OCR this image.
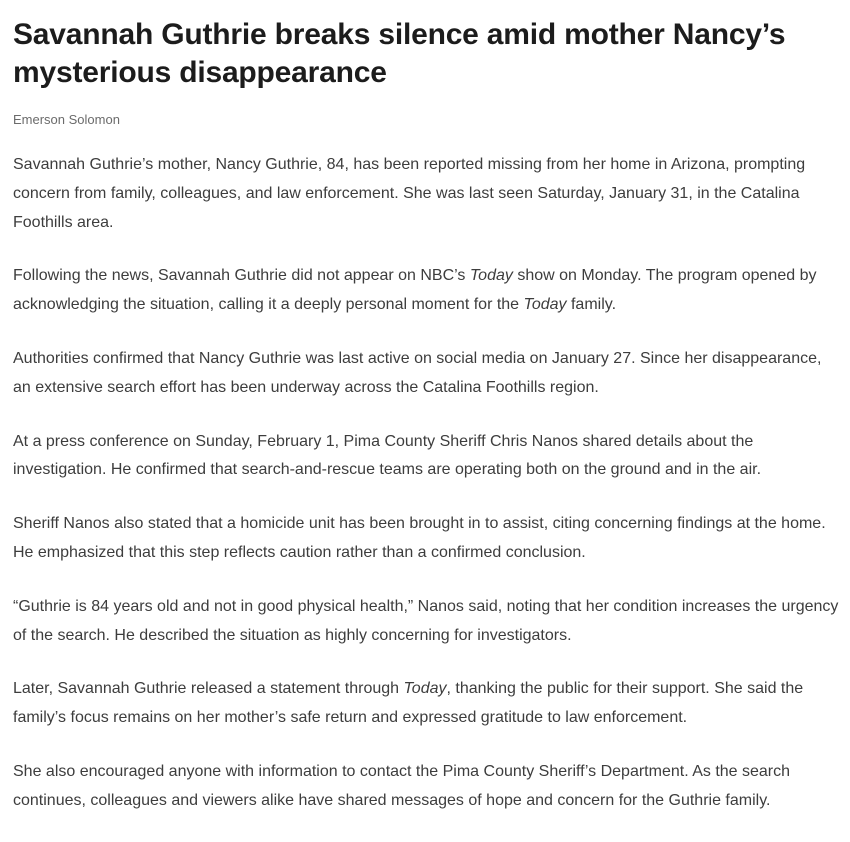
Savannah Guthrie breaks silence amid mother Nancy’s mysterious disappearance
Emerson Solomon

Savannah Guthrie’s mother, Nancy Guthrie, 84, has been reported missing from her home in Arizona, prompting concern from family, colleagues, and law enforcement. She was last seen Saturday, January 31, in the Catalina Foothills area.

Following the news, Savannah Guthrie did not appear on NBC’s Today show on Monday. The program opened by acknowledging the situation, calling it a deeply personal moment for the Today family.

Authorities confirmed that Nancy Guthrie was last active on social media on January 27. Since her disappearance, an extensive search effort has been underway across the Catalina Foothills region.

At a press conference on Sunday, February 1, Pima County Sheriff Chris Nanos shared details about the investigation. He confirmed that search-and-rescue teams are operating both on the ground and in the air.

Sheriff Nanos also stated that a homicide unit has been brought in to assist, citing concerning findings at the home. He emphasized that this step reflects caution rather than a confirmed conclusion.

“Guthrie is 84 years old and not in good physical health,” Nanos said, noting that her condition increases the urgency of the search. He described the situation as highly concerning for investigators.

Later, Savannah Guthrie released a statement through Today, thanking the public for their support. She said the family’s focus remains on her mother’s safe return and expressed gratitude to law enforcement.

She also encouraged anyone with information to contact the Pima County Sheriff’s Department. As the search continues, colleagues and viewers alike have shared messages of hope and concern for the Guthrie family.
